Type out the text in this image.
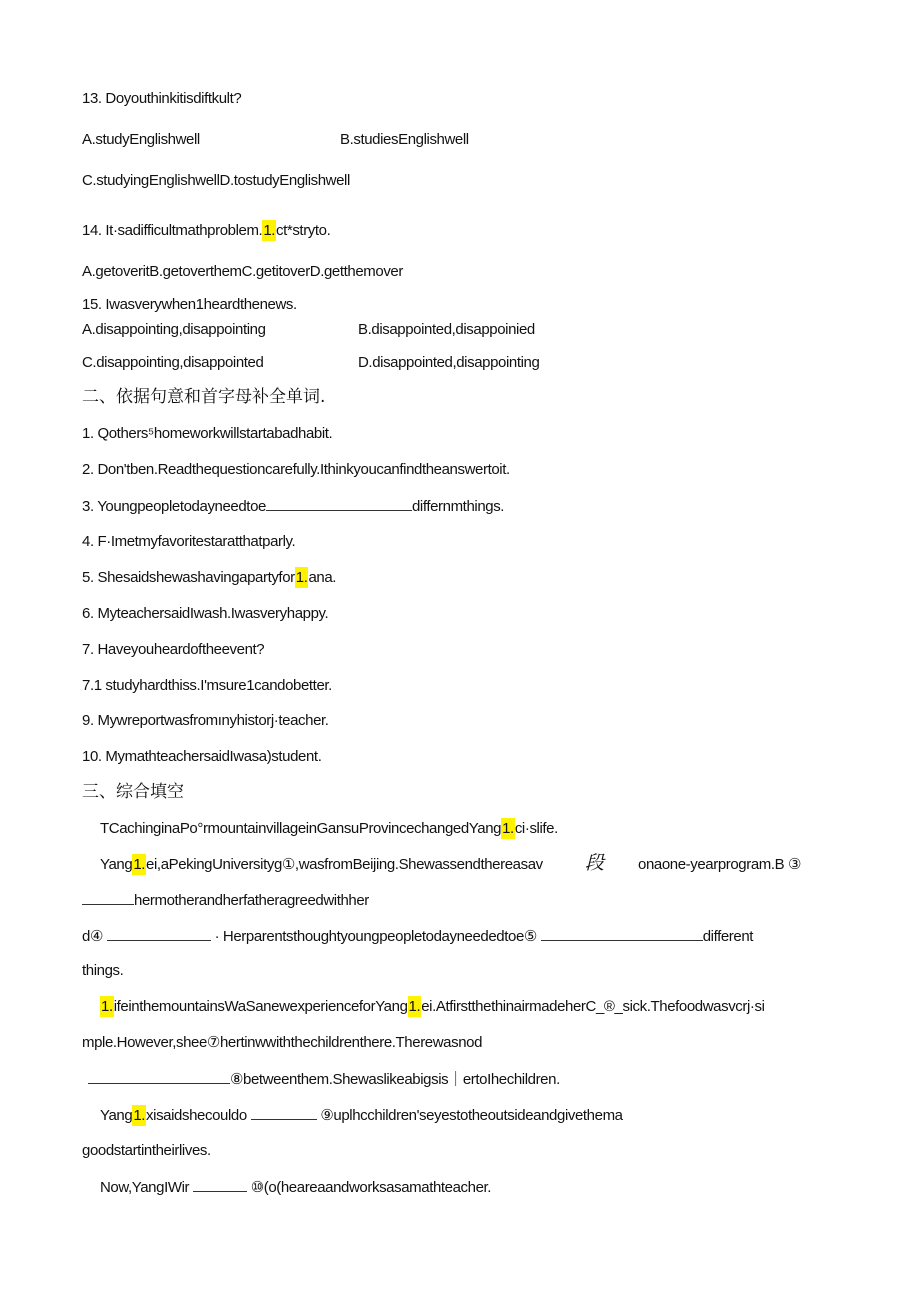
13. Doyouthinkitisdiftkult?
A.studyEnglishwell	B.studiesEnglishwell
C.studyingEnglishwellD.tostudyEnglishwell
14. It·sadifficultmathproblem.1.ct*stryto.
A.getoveritB.getoverthemC.getitoverD.getthemover
15. Iwasverywhen1heardthenews.
A.disappointing,disappointing	B.disappointed,disappoinied
C.disappointing,disappointed	D.disappointed,disappointing
二、依据句意和首字母补全单词.
1. Qothers⁵homeworkwillstartabadhabit.
2. Don'tben.Readthequestioncarefully.Ithinkyoucanfindtheanswertoit.
3. Youngpeopletodayneedtoe	differnmthings.
4. F·Imetmyfavoritestaratthatparly.
5. Shesaidshewashavingapartyfor1.ana.
6. MyteachersaidIwash.Iwasveryhappy.
7. Haveyouheardoftheevent?
7.1 studyhardthiss.I'msure1candobetter.
9. Mywreportwasfromınyhistorj·teacher.
10. MymathteachersaidIwasa)student.
三、综合填空
TCachinginaPo°rmountainvillageinGansuProvincechangedYang1.ci·slife.
Yang1.ei,aPekingUniversityg①,wasfromBeijing.Shewassendthereasav 段 onaone-yearprogram.B ③
hermotherandherfatheragreedwithher
d④	· Herparentsthoughtyoungpeopletodayneededtoe⑤	different
things.
1.ifeinthemountainsWaSanewexperienceforYang1.ei.AtfirstthethinairmadeherC_®_sick.Thefoodwasvcrj·si
mple.However,shee⑦hertinwwiththechildrenthere.Therewasnod
⑧betweenthem.Shewaslikeabigsis｜ertoIhechildren.
Yang1.xisaidshecouldo	⑨uplhcchildren'seyestotheoutsideandgivethema
goodstartintheirlives.
Now,YangIWir	⑩(o(heareaandworksasamathteacher.
